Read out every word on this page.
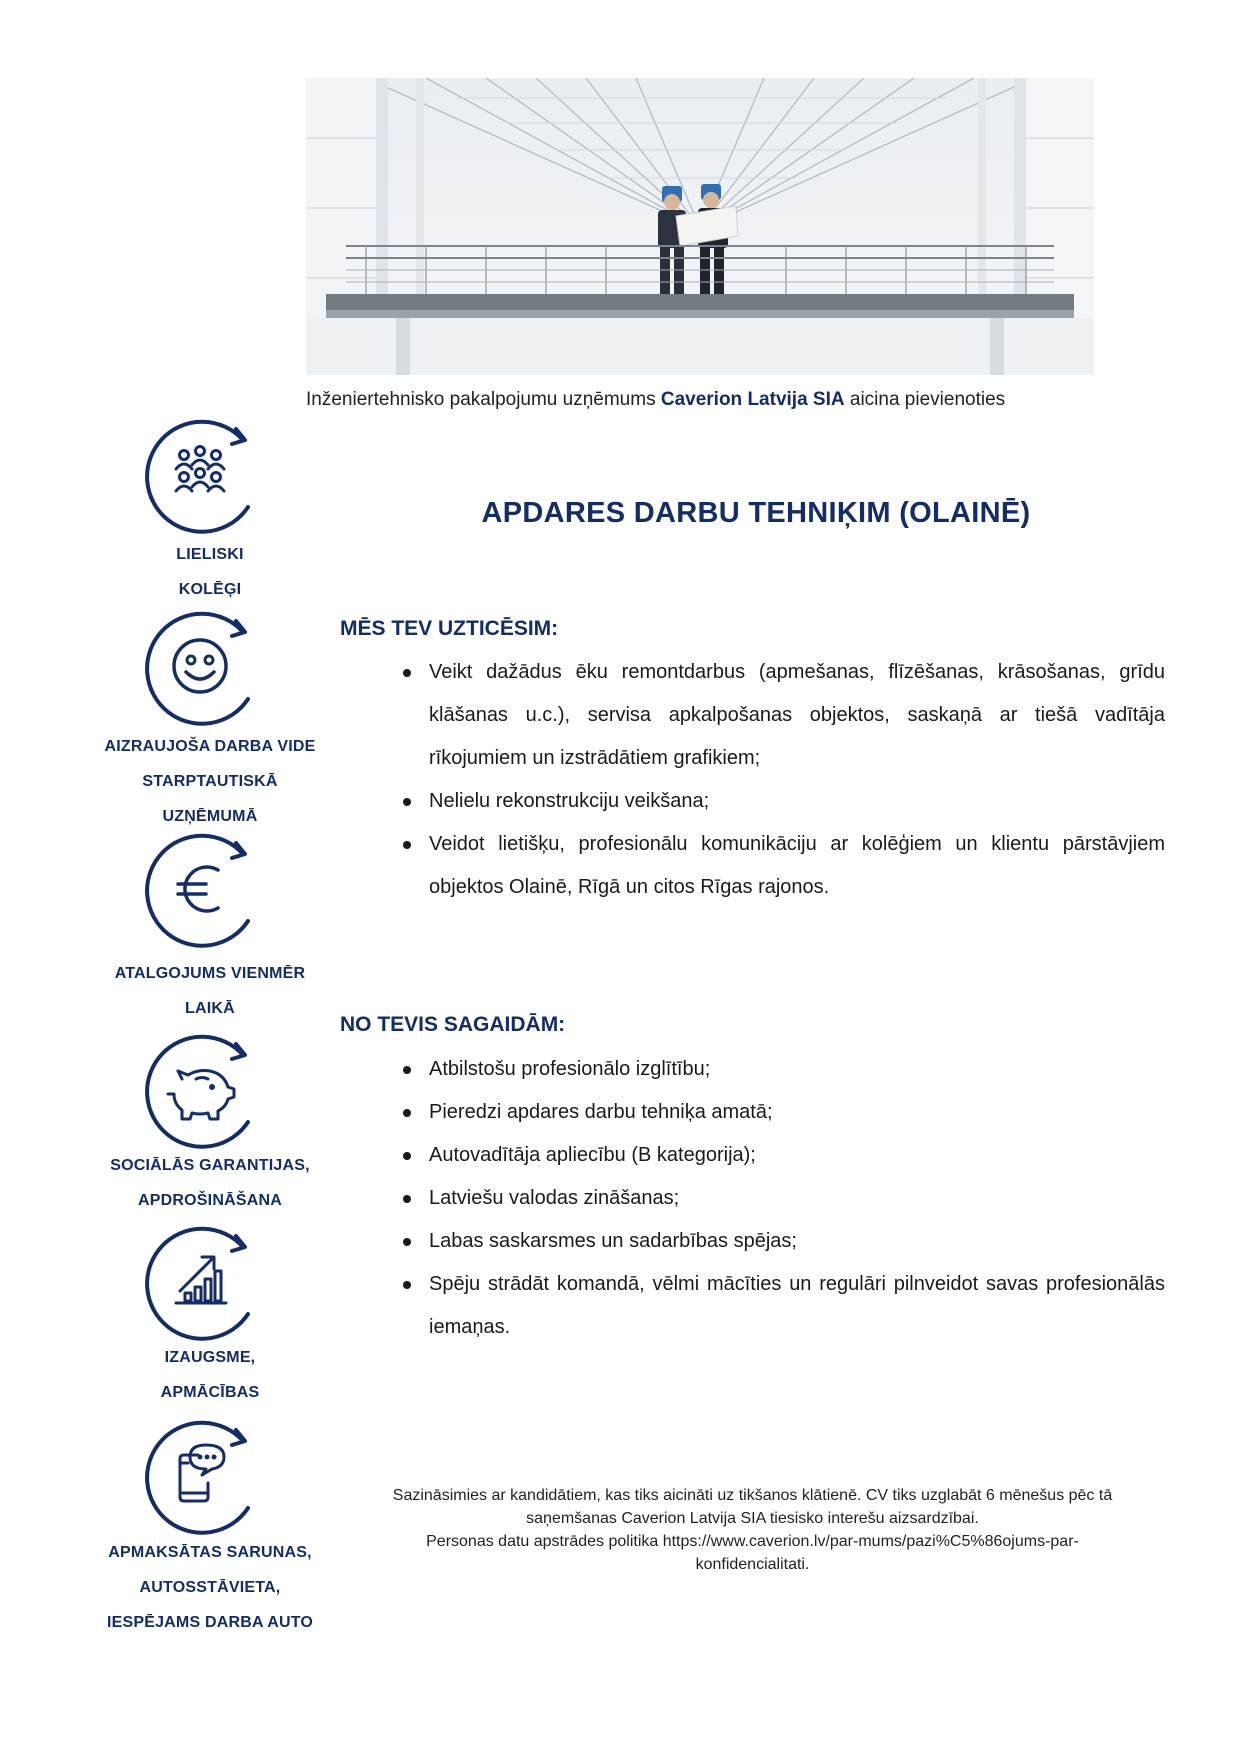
Inženiertehnisko pakalpojumu uzņēmums Caverion Latvija SIA aicina pievienoties
APDARES DARBU TEHNIĶIM (OLAINĒ)
MĒS TEV UZTICĒSIM:
Veikt dažādus ēku remontdarbus (apmešanas, flīzēšanas, krāsošanas, grīdu klāšanas u.c.), servisa apkalpošanas objektos, saskaņā ar tiešā vadītāja rīkojumiem un izstrādātiem grafikiem;
Nelielu rekonstrukciju veikšana;
Veidot lietišķu, profesionālu komunikāciju ar kolēģiem un klientu pārstāvjiem objektos Olainē, Rīgā un citos Rīgas rajonos.
NO TEVIS SAGAIDĀM:
Atbilstošu profesionālo izglītību;
Pieredzi apdares darbu tehniķa amatā;
Autovadītāja apliecību (B kategorija);
Latviešu valodas zināšanas;
Labas saskarsmes un sadarbības spējas;
Spēju strādāt komandā, vēlmi mācīties un regulāri pilnveidot savas profesionālās iemaņas.
LIELISKI
KOLĒĢI
AIZRAUJOŠA DARBA VIDE
STARPTAUTISKĀ
UZŅĒMUMĀ
ATALGOJUMS VIENMĒR
LAIKĀ
SOCIĀLĀS GARANTIJAS,
APDROŠINĀŠANA
IZAUGSME,
APMĀCĪBAS
APMAKSĀTAS SARUNAS,
AUTOSSTĀVIETA,
IESPĒJAMS DARBA AUTO
Sazināsimies ar kandidātiem, kas tiks aicināti uz tikšanos klātienē. CV tiks uzglabāt 6 mēnešus pēc tā
saņemšanas Caverion Latvija SIA tiesisko interešu aizsardzībai.
Personas datu apstrādes politika https://www.caverion.lv/par-mums/pazi%C5%86ojums-par-
konfidencialitati.
